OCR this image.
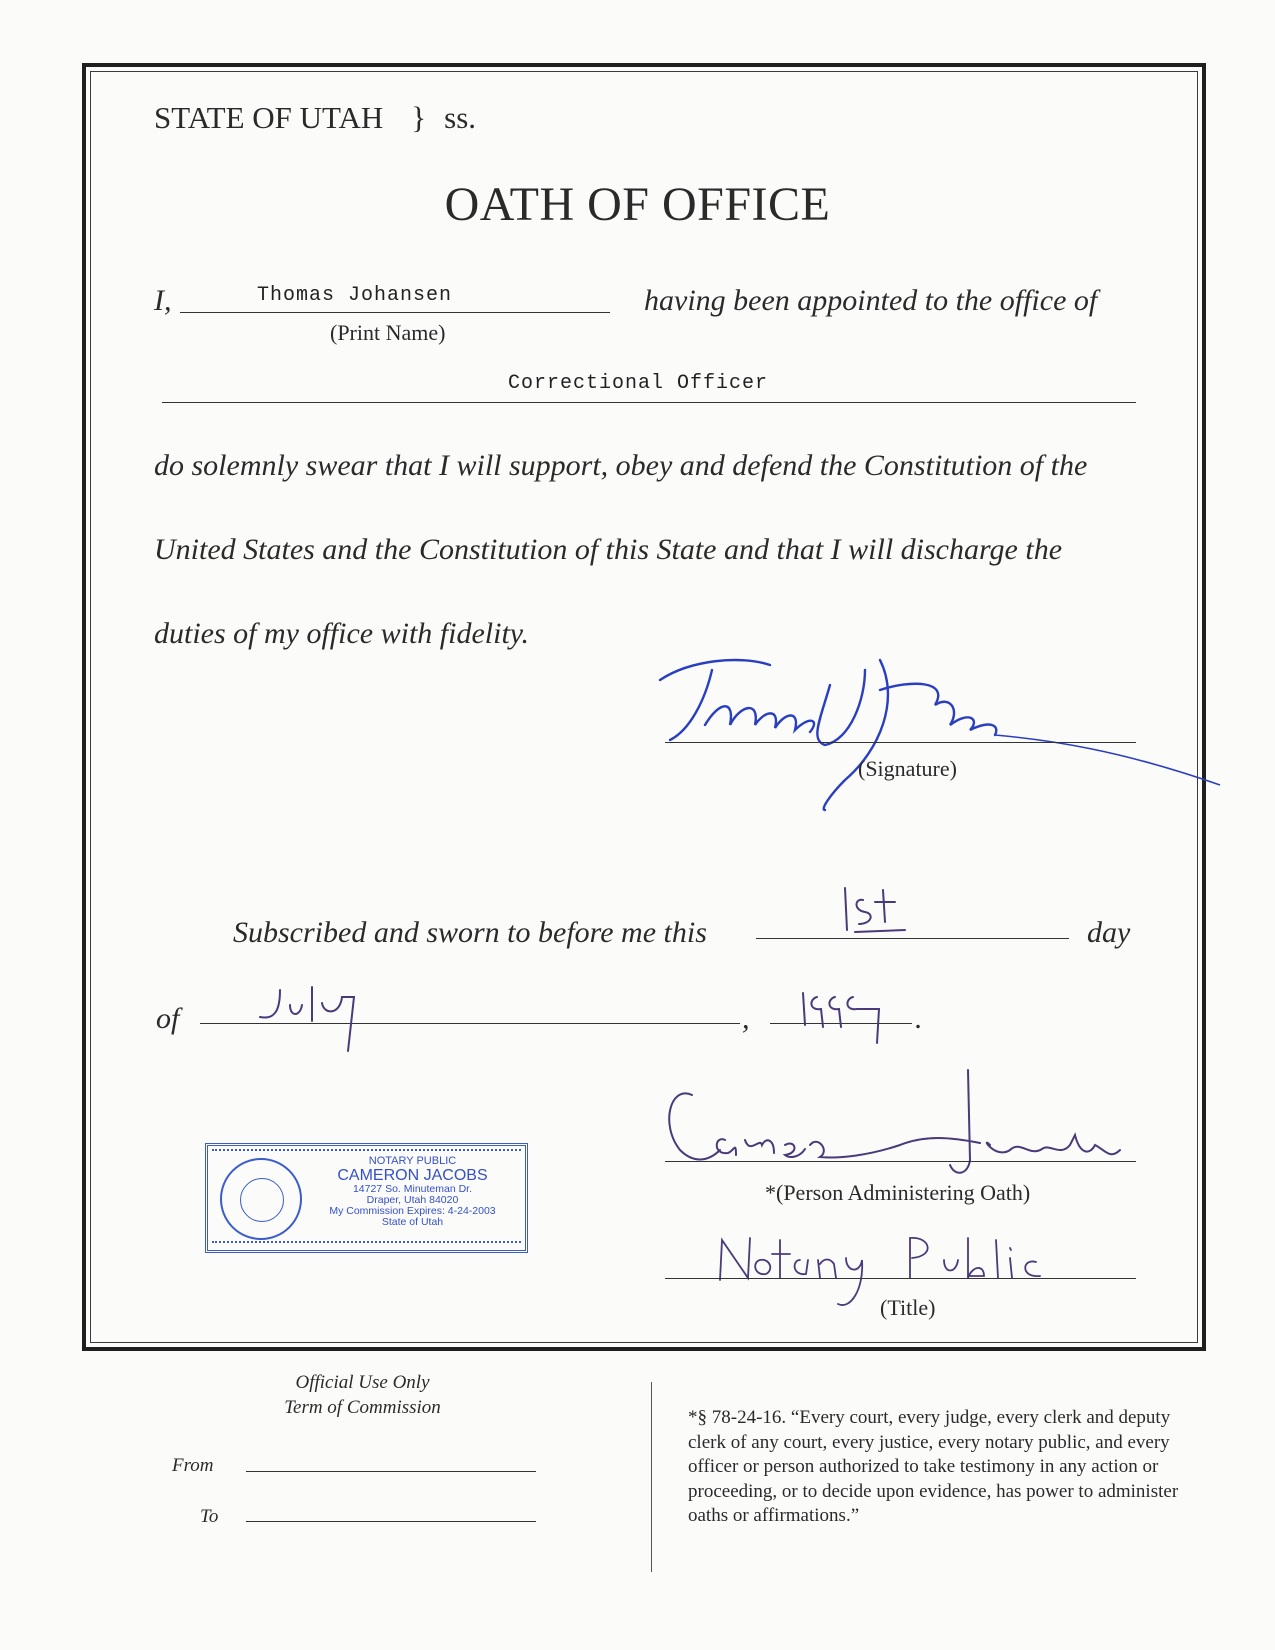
STATE OF UTAH } ss.
OATH OF OFFICE
I,	Thomas Johansen
(Print Name)
having been appointed to the office of
Correctional Officer
do solemnly swear that I will support, obey and defend the Constitution of the
United States and the Constitution of this State and that I will discharge the
duties of my office with fidelity.
(Signature)
Subscribed and sworn to before me this	day
of	,	.
NOTARY PUBLIC
CAMERON JACOBS
14727 So. Minuteman Dr.
Draper, Utah 84020
My Commission Expires: 4-24-2003
State of Utah
*(Person Administering Oath)
(Title)
Official Use Only
Term of Commission
From
To
*§ 78-24-16. “Every court, every judge, every clerk and deputy clerk of any court, every justice, every notary public, and every officer or person authorized to take testimony in any action or proceeding, or to decide upon evidence, has power to administer oaths or affirmations.”
